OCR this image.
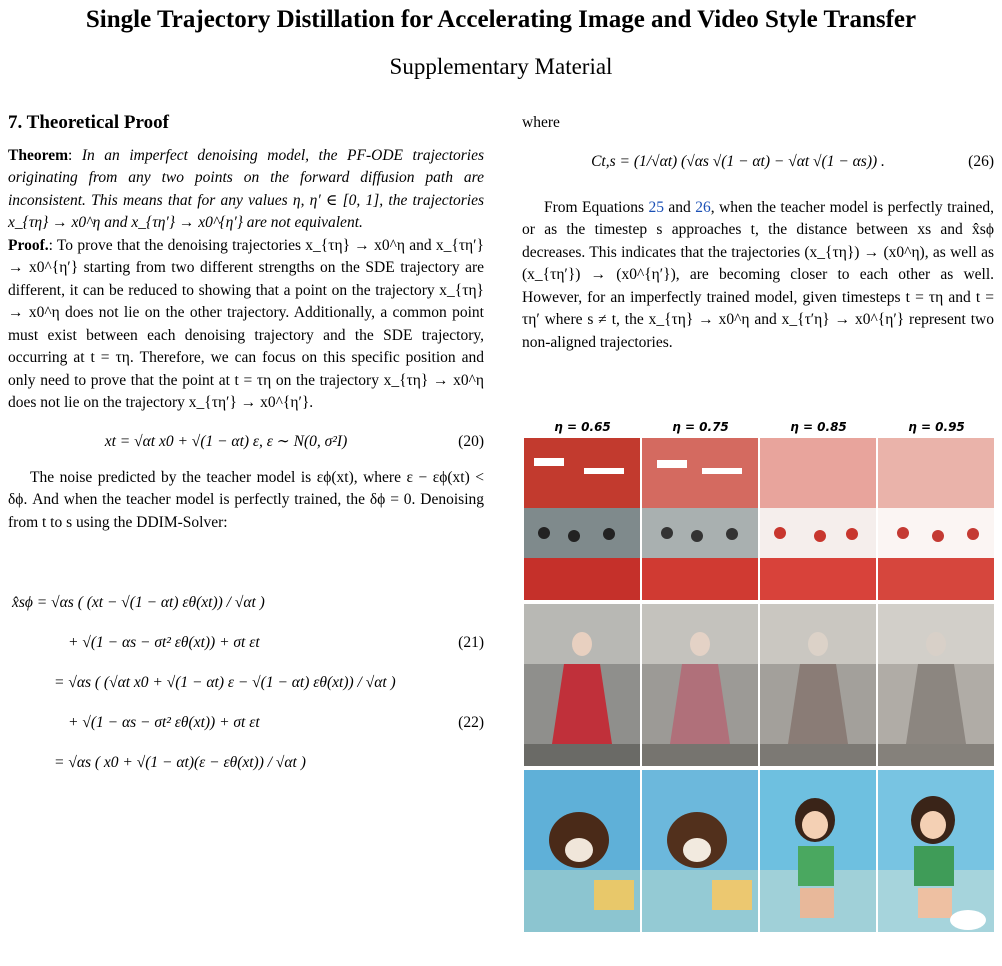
Single Trajectory Distillation for Accelerating Image and Video Style Transfer
Supplementary Material
7. Theoretical Proof

Theorem: In an imperfect denoising model, the PF-ODE trajectories originating from any two points on the forward diffusion path are inconsistent. This means that for any values η, η′ ∈ [0, 1], the trajectories x_{τη} → x0^η and x_{τη′} → x0^{η′} are not equivalent.

Proof.: To prove that the denoising trajectories x_{τη} → x0^η and x_{τη′} → x0^{η′} starting from two different strengths on the SDE trajectory are different, it can be reduced to showing that a point on the trajectory x_{τη} → x0^η does not lie on the other trajectory. Additionally, a common point must exist between each denoising trajectory and the SDE trajectory, occurring at t = τη. Therefore, we can focus on this specific position and only need to prove that the point at t = τη on the trajectory x_{τη} → x0^η does not lie on the trajectory x_{τη′} → x0^{η′}.

xt = √αt x0 + √(1 − αt) ε, ε ∼ N(0, σ²I)	(20)

The noise predicted by the teacher model is εϕ(xt), where ε − εϕ(xt) < δϕ. And when the teacher model is perfectly trained, the δϕ = 0. Denoising from t to s using the DDIM-Solver:

x̂sϕ = √αs ( (xt − √(1 − αt) εθ(xt)) / √αt )
+ √(1 − αs − σt² εθ(xt)) + σt εt	(21)
= √αs ( (√αt x0 + √(1 − αt) ε − √(1 − αt) εθ(xt)) / √αt )
+ √(1 − αs − σt² εθ(xt)) + σt εt	(22)
= √αs ( x0 + √(1 − αt)(ε − εθ(xt)) / √αt )

where

Ct,s = (1/√αt) (√αs √(1 − αt) − √αt √(1 − αs)) .	(26)

From Equations 25 and 26, when the teacher model is perfectly trained, or as the timestep s approaches t, the distance between xs and x̂sϕ decreases. This indicates that the trajectories (x_{τη}) → (x0^η), as well as (x_{τη′}) → (x0^{η′}), are becoming closer to each other as well. However, for an imperfectly trained model, given timesteps t = τη and t = τη′ where s ≠ t, the x_{τη} → x0^η and x_{τ′η} → x0^{η′} represent two non-aligned trajectories.

η = 0.65	η = 0.75	η = 0.85	η = 0.95
